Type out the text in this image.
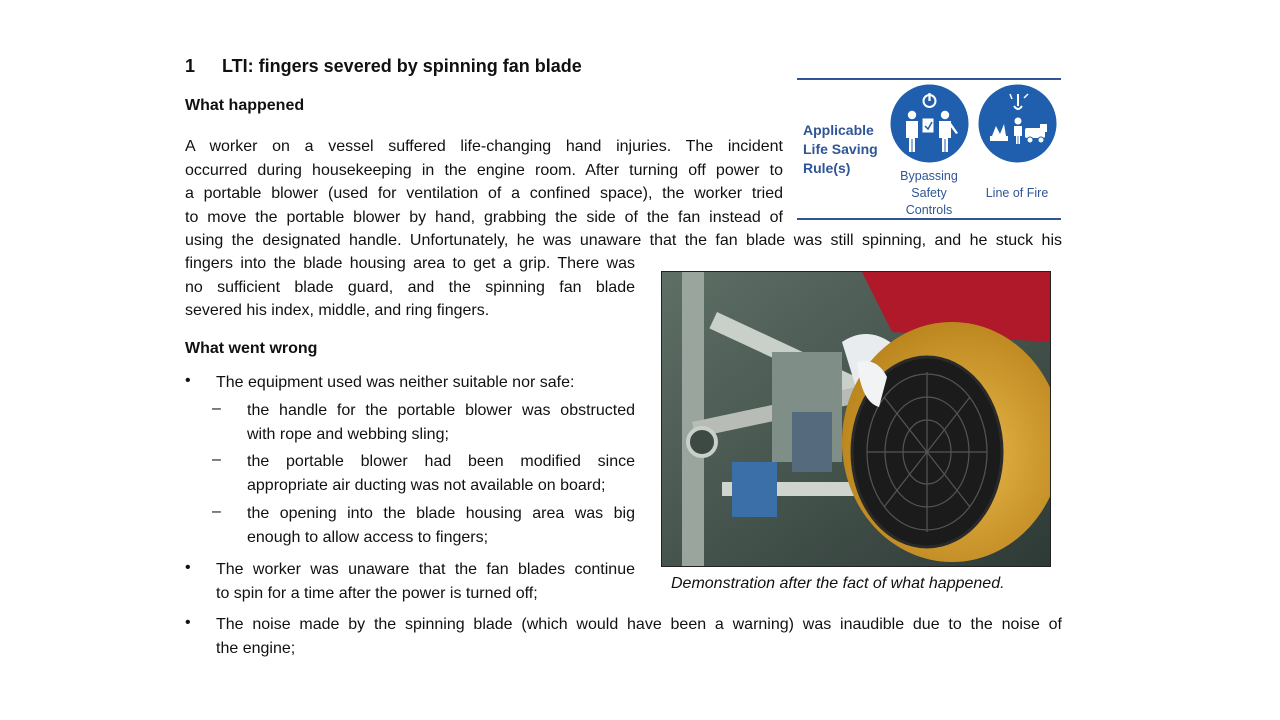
1 LTI: fingers severed by spinning fan blade
What happened
A worker on a vessel suffered life-changing hand injuries. The incident
occurred during housekeeping in the engine room. After turning off power to
a portable blower (used for ventilation of a confined space), the worker tried
to move the portable blower by hand, grabbing the side of the fan instead of
using the designated handle. Unfortunately, he was unaware that the fan blade was still spinning, and he stuck his
fingers into the blade housing area to get a grip. There was
no sufficient blade guard, and the spinning fan blade
severed his index, middle, and ring fingers.
Applicable
Life Saving
Rule(s)	Bypassing
Safety
Controls
Line of Fire
Demonstration after the fact of what happened.
What went wrong
• The equipment used was neither suitable nor safe:
– the handle for the portable blower was obstructed
with rope and webbing sling;
– the portable blower had been modified since
appropriate air ducting was not available on board;
– the opening into the blade housing area was big
enough to allow access to fingers;
• The worker was unaware that the fan blades continue
to spin for a time after the power is turned off;
• The noise made by the spinning blade (which would have been a warning) was inaudible due to the noise of
the engine;
